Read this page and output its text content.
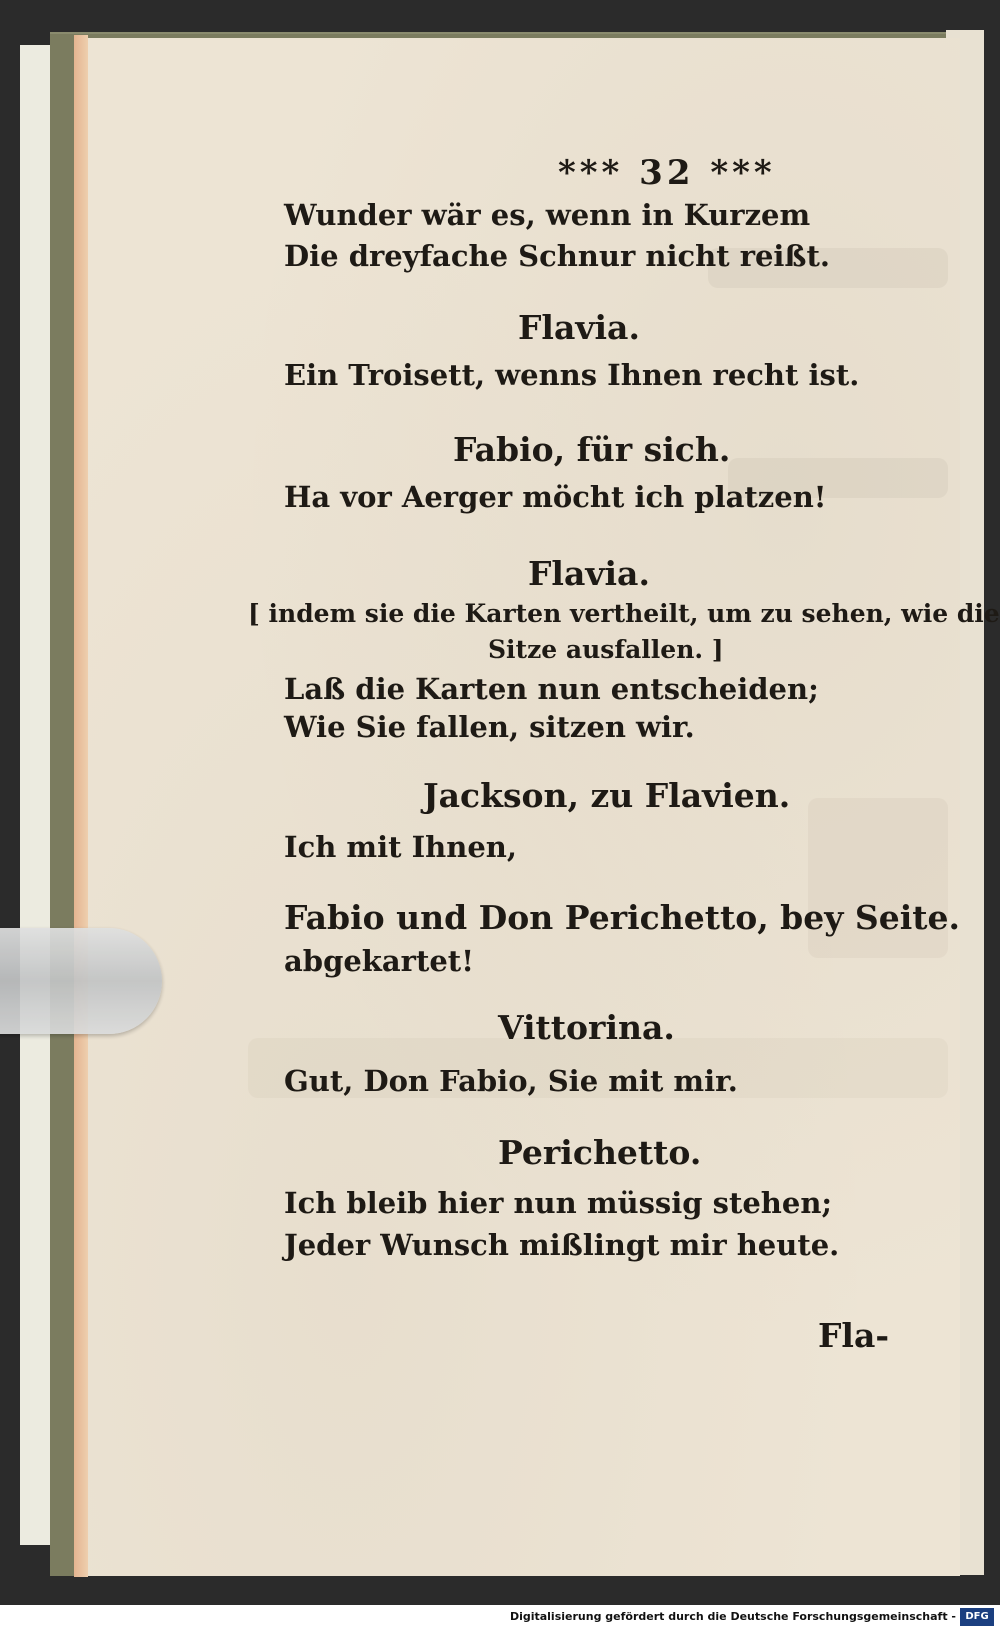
*** 32 ***
Wunder wär es, wenn in Kurzem
Die dreyfache Schnur nicht reißt.
Flavia.
Ein Troisett, wenns Ihnen recht ist.
Fabio, für sich.
Ha vor Aerger möcht ich platzen!
Flavia.
[ indem sie die Karten vertheilt, um zu sehen, wie die
Sitze ausfallen. ]
Laß die Karten nun entscheiden;
Wie Sie fallen, sitzen wir.
Jackson, zu Flavien.
Ich mit Ihnen,
Fabio und Don Perichetto, bey Seite.
abgekartet!
Vittorina.
Gut, Don Fabio, Sie mit mir.
Perichetto.
Ich bleib hier nun müssig stehen;
Jeder Wunsch mißlingt mir heute.
Fla-
Digitalisierung gefördert durch die Deutsche Forschungsgemeinschaft - DFG
